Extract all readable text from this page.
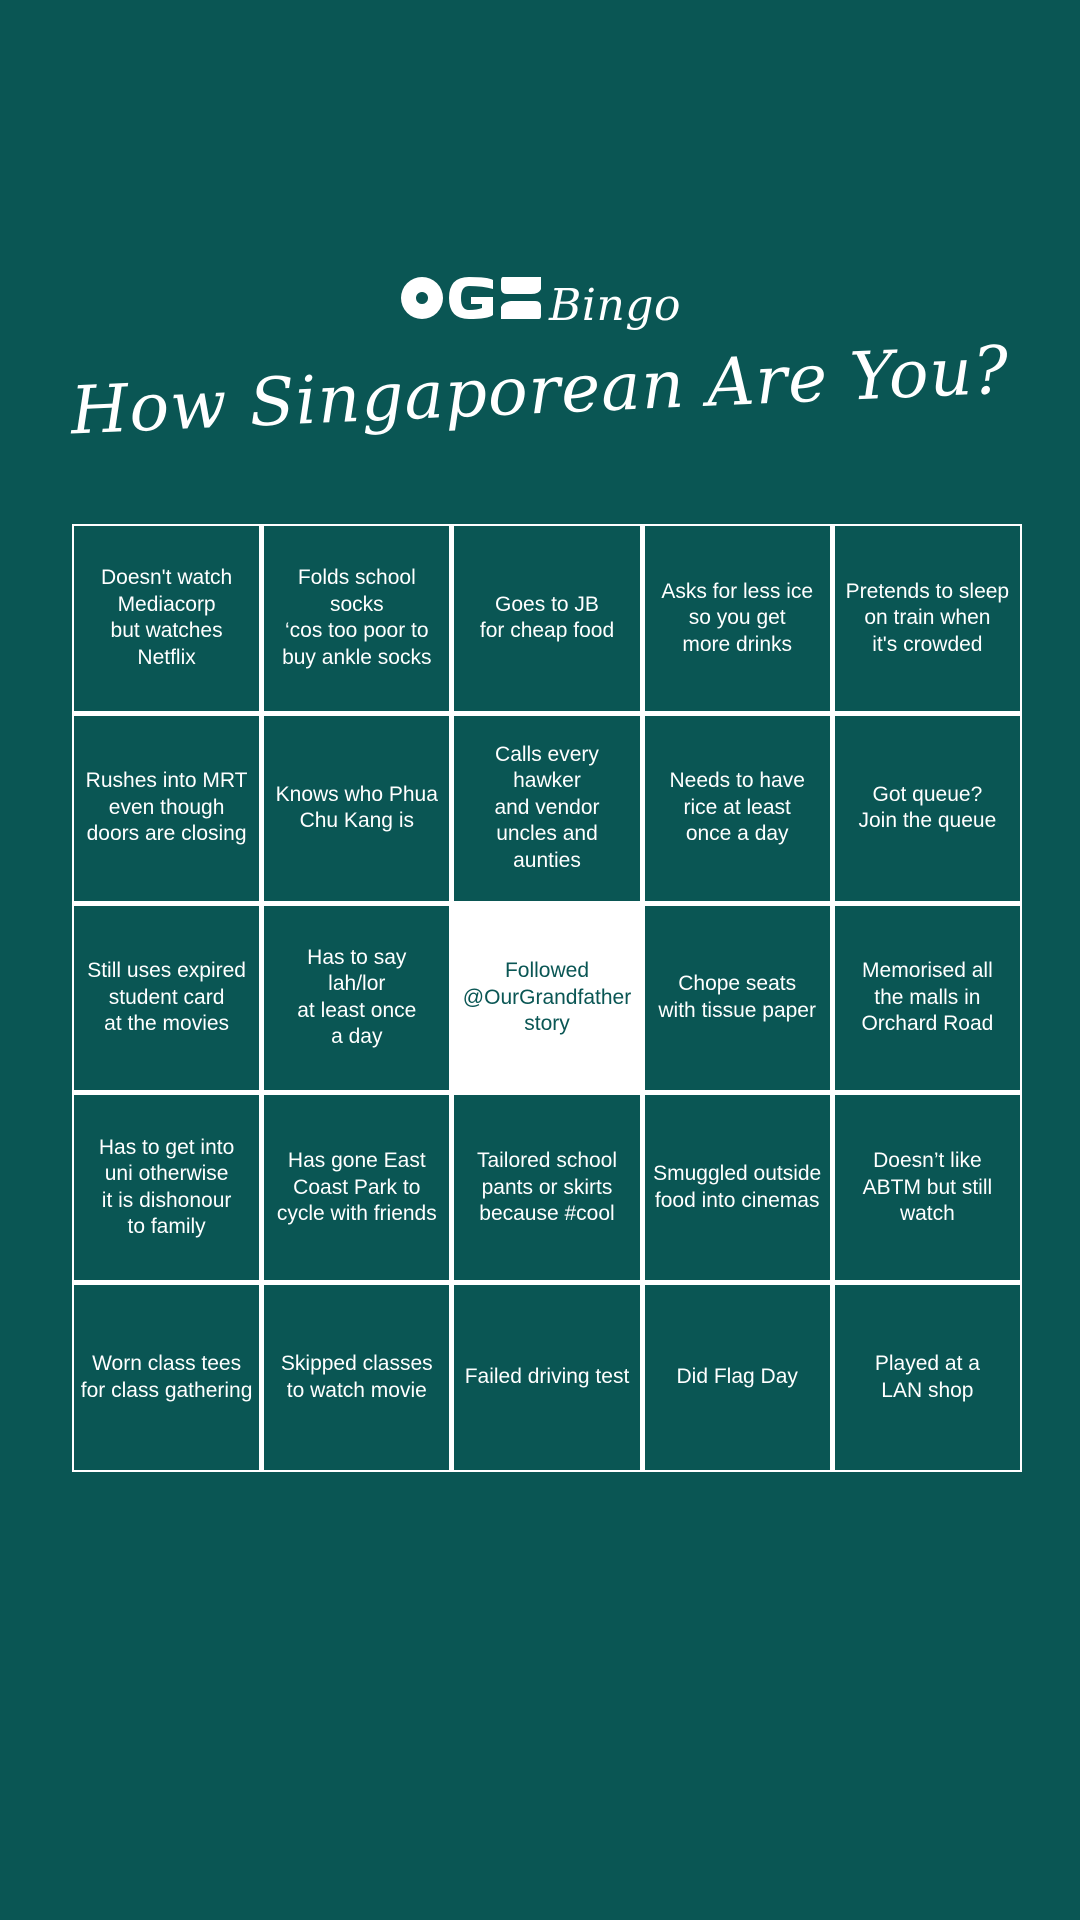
Bingo
How Singaporean Are You?
Doesn't watch
Mediacorp
but watches
Netflix
Folds school socks
‘cos too poor to
buy ankle socks
Goes to JB
for cheap food
Asks for less ice
so you get
more drinks
Pretends to sleep
on train when
it's crowded
Rushes into MRT
even though
doors are closing
Knows who Phua
Chu Kang is
Calls every
hawker
and vendor
uncles and
aunties
Needs to have
rice at least
once a day
Got queue?
Join the queue
Still uses expired
student card
at the movies
Has to say
lah/lor
at least once
a day
Followed
@OurGrandfather
story
Chope seats
with tissue paper
Memorised all
the malls in
Orchard Road
Has to get into
uni otherwise
it is dishonour
to family
Has gone East
Coast Park to
cycle with friends
Tailored school
pants or skirts
because #cool
Smuggled outside
food into cinemas
Doesn’t like
ABTM but still
watch
Worn class tees
for class gathering
Skipped classes
to watch movie
Failed driving test	Did Flag Day
Played at a
LAN shop
